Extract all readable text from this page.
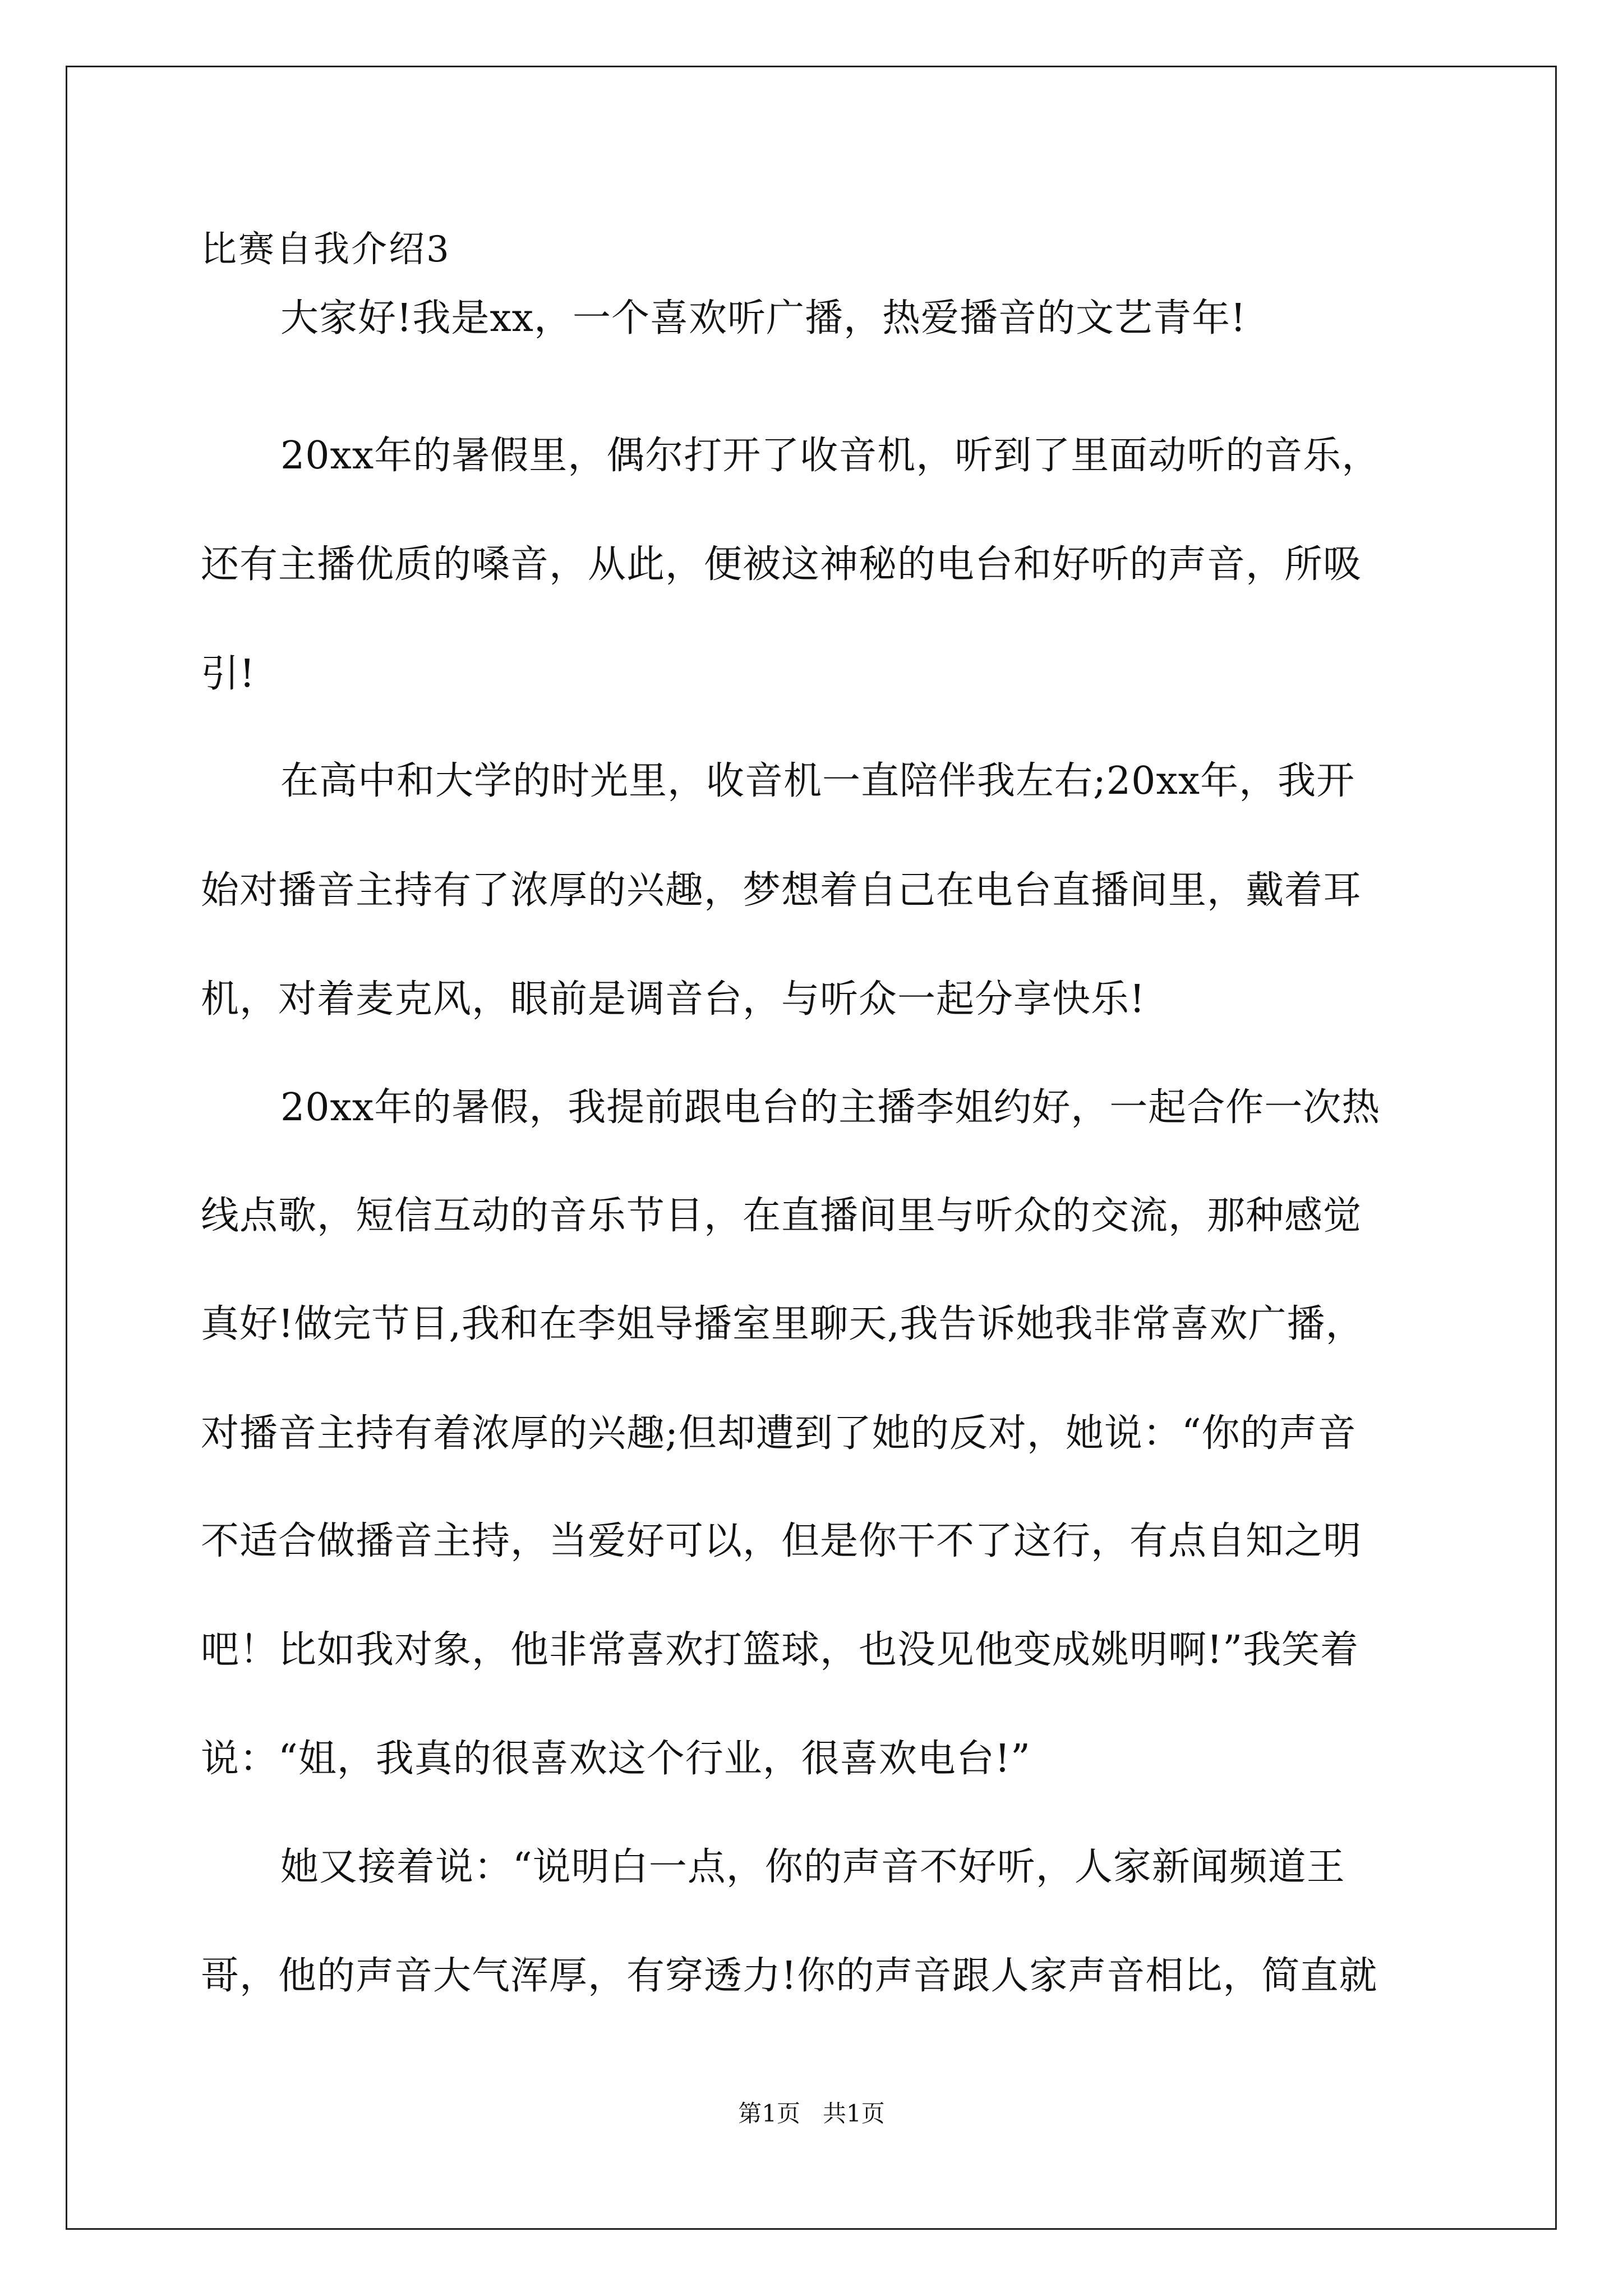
比赛自我介绍3
大家好!我是xx，一个喜欢听广播，热爱播音的文艺青年!
20xx年的暑假里，偶尔打开了收音机，听到了里面动听的音乐，
还有主播优质的嗓音，从此，便被这神秘的电台和好听的声音，所吸
引!
在高中和大学的时光里，收音机一直陪伴我左右;20xx年，我开
始对播音主持有了浓厚的兴趣，梦想着自己在电台直播间里，戴着耳
机，对着麦克风，眼前是调音台，与听众一起分享快乐!
20xx年的暑假，我提前跟电台的主播李姐约好，一起合作一次热
线点歌，短信互动的音乐节目，在直播间里与听众的交流，那种感觉
真好!做完节目,我和在李姐导播室里聊天,我告诉她我非常喜欢广播，
对播音主持有着浓厚的兴趣;但却遭到了她的反对，她说：“你的声音
不适合做播音主持，当爱好可以，但是你干不了这行，有点自知之明
吧！比如我对象，他非常喜欢打篮球，也没见他变成姚明啊!”我笑着
说：“姐，我真的很喜欢这个行业，很喜欢电台!”
她又接着说：“说明白一点，你的声音不好听，人家新闻频道王
哥，他的声音大气浑厚，有穿透力!你的声音跟人家声音相比，简直就
第1页   共1页
